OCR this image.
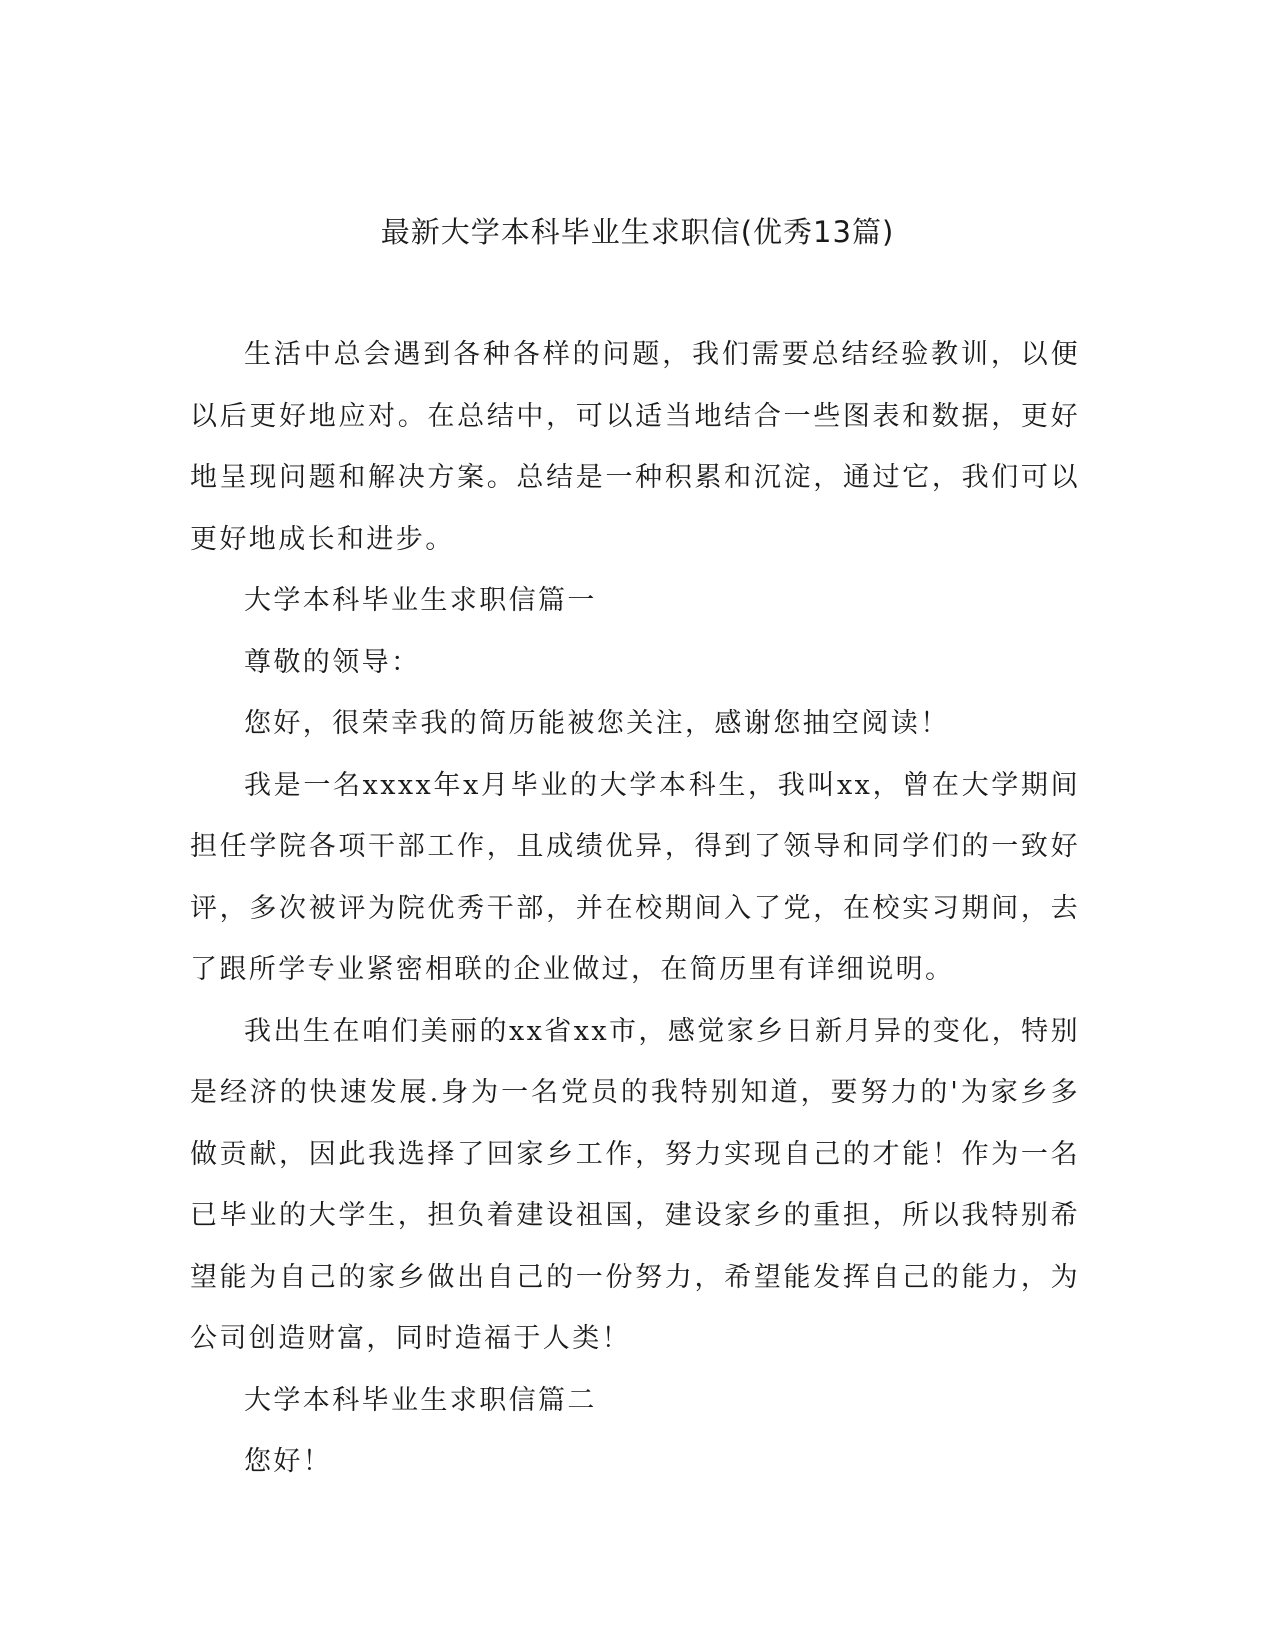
最新大学本科毕业生求职信(优秀13篇)

生活中总会遇到各种各样的问题，我们需要总结经验教训，以便以后更好地应对。在总结中，可以适当地结合一些图表和数据，更好地呈现问题和解决方案。总结是一种积累和沉淀，通过它，我们可以更好地成长和进步。

大学本科毕业生求职信篇一

尊敬的领导：

您好，很荣幸我的简历能被您关注，感谢您抽空阅读！

我是一名xxxx年x月毕业的大学本科生，我叫xx，曾在大学期间担任学院各项干部工作，且成绩优异，得到了领导和同学们的一致好评，多次被评为院优秀干部，并在校期间入了党，在校实习期间，去了跟所学专业紧密相联的企业做过，在简历里有详细说明。

我出生在咱们美丽的xx省xx市，感觉家乡日新月异的变化，特别是经济的快速发展.身为一名党员的我特别知道，要努力的'为家乡多做贡献，因此我选择了回家乡工作，努力实现自己的才能！作为一名已毕业的大学生，担负着建设祖国，建设家乡的重担，所以我特别希望能为自己的家乡做出自己的一份努力，希望能发挥自己的能力，为公司创造财富，同时造福于人类！

大学本科毕业生求职信篇二

您好！
